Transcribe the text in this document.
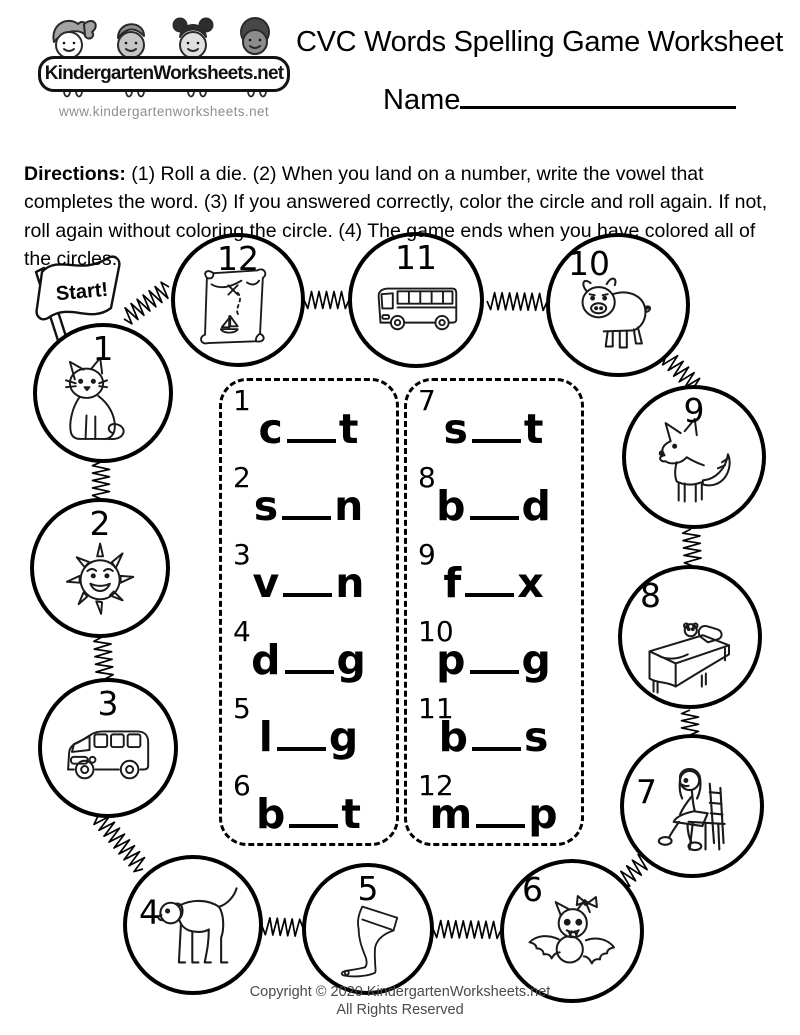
KindergartenWorksheets.net
www.kindergartenworksheets.net
CVC Words Spelling Game Worksheet
Name

Directions: (1) Roll a die. (2) When you land on a number, write the vowel that completes the word. (3) If you answered correctly, color the circle and roll again. If not, roll again without coloring the circle. (4) The game ends when you have colored all of the circles.

Start!
1
2
3
4
5	6
7
8
9
10
11
12
1
c t
2
s n
3
v n
4
d g
5
l g
6
b t
7
s t
8
b d
9
f x
10
p g
11
b s
12
m p
Copyright © 2020 KindergartenWorksheets.net
All Rights Reserved
